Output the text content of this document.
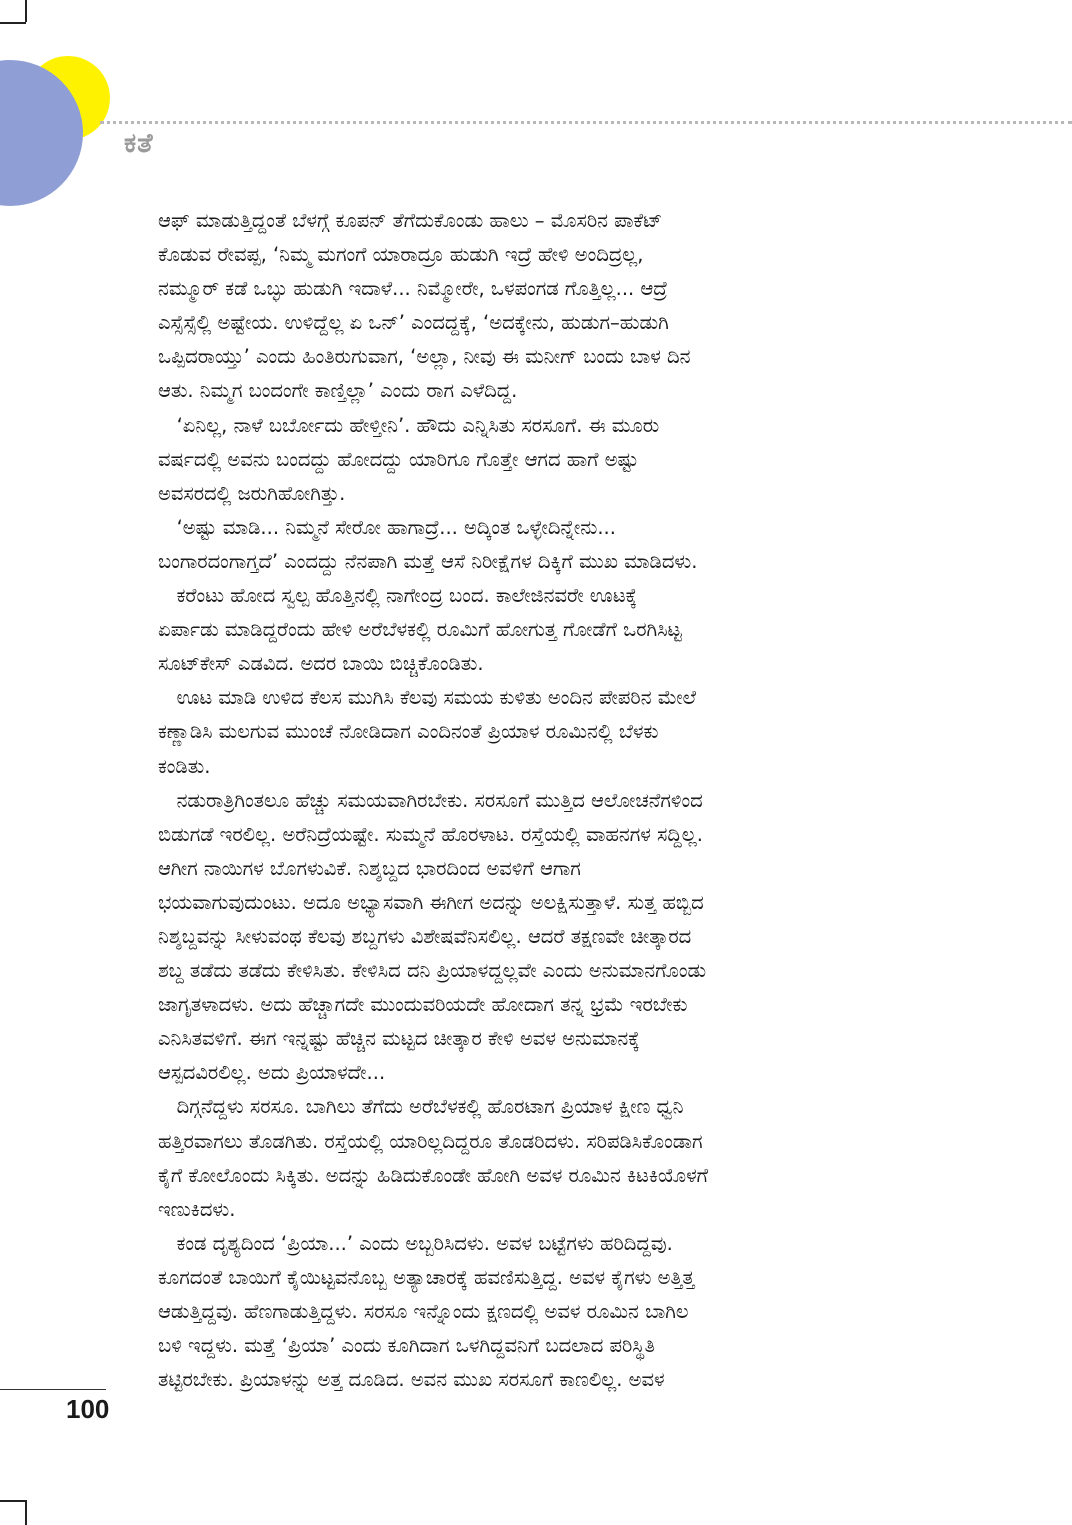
ಕತೆ
ಆಫ್ ಮಾಡುತ್ತಿದ್ದಂತೆ ಬೆಳಗ್ಗೆ ಕೂಪನ್ ತೆಗೆದುಕೊಂಡು ಹಾಲು – ಮೊಸರಿನ ಪಾಕೆಟ್
ಕೊಡುವ ರೇವಪ್ಪ, ‘ನಿಮ್ಮ ಮಗಂಗೆ ಯಾರಾದ್ರೂ ಹುಡುಗಿ ಇದ್ರೆ ಹೇಳಿ ಅಂದಿದ್ರಲ್ಲ,
ನಮ್ಮೂರ್ ಕಡೆ ಒಬ್ಳು ಹುಡುಗಿ ಇದಾಳೆ... ನಿಮ್ಮೋರೇ, ಒಳಪಂಗಡ ಗೊತ್ತಿಲ್ಲ... ಆದ್ರೆ
ಎಸ್ಸೆಸ್ಸೆಲ್ಲಿ ಅಷ್ಟೇಯ. ಉಳಿದ್ದೆಲ್ಲ ಏ ಒನ್’ ಎಂದದ್ದಕ್ಕೆ, ‘ಅದಕ್ಕೇನು, ಹುಡುಗ–ಹುಡುಗಿ
ಒಪ್ಪಿದರಾಯ್ತು’ ಎಂದು ಹಿಂತಿರುಗುವಾಗ, ‘ಅಲ್ಲಾ, ನೀವು ಈ ಮನೀಗ್ ಬಂದು ಬಾಳ ದಿನ
ಆತು. ನಿಮ್ಮಗ ಬಂದಂಗೇ ಕಾಣ್ತಿಲ್ಲಾ’ ಎಂದು ರಾಗ ಎಳೆದಿದ್ದ.
‘ಏನಿಲ್ಲ, ನಾಳೆ ಬರ್ಬೋದು ಹೇಳ್ತೀನಿ’. ಹೌದು ಎನ್ನಿಸಿತು ಸರಸೂಗೆ. ಈ ಮೂರು
ವರ್ಷದಲ್ಲಿ ಅವನು ಬಂದದ್ದು ಹೋದದ್ದು ಯಾರಿಗೂ ಗೊತ್ತೇ ಆಗದ ಹಾಗೆ ಅಷ್ಟು
ಅವಸರದಲ್ಲಿ ಜರುಗಿಹೋಗಿತ್ತು.
‘ಅಷ್ಟು ಮಾಡಿ... ನಿಮ್ಮನೆ ಸೇರೋ ಹಾಗಾದ್ರೆ... ಅದ್ಕಿಂತ ಒಳ್ಳೇದಿನ್ನೇನು...
ಬಂಗಾರದಂಗಾಗ್ತದೆ’ ಎಂದದ್ದು ನೆನಪಾಗಿ ಮತ್ತೆ ಆಸೆ ನಿರೀಕ್ಷೆಗಳ ದಿಕ್ಕಿಗೆ ಮುಖ ಮಾಡಿದಳು.
ಕರೆಂಟು ಹೋದ ಸ್ವಲ್ಪ ಹೊತ್ತಿನಲ್ಲಿ ನಾಗೇಂದ್ರ ಬಂದ. ಕಾಲೇಜಿನವರೇ ಊಟಕ್ಕೆ
ಏರ್ಪಾಡು ಮಾಡಿದ್ದರೆಂದು ಹೇಳಿ ಅರೆಬೆಳಕಲ್ಲಿ ರೂಮಿಗೆ ಹೋಗುತ್ತ ಗೋಡೆಗೆ ಒರಗಿಸಿಟ್ಟ
ಸೂಟ್‌ಕೇಸ್ ಎಡವಿದ. ಅದರ ಬಾಯಿ ಬಿಚ್ಚಿಕೊಂಡಿತು.
ಊಟ ಮಾಡಿ ಉಳಿದ ಕೆಲಸ ಮುಗಿಸಿ ಕೆಲವು ಸಮಯ ಕುಳಿತು ಅಂದಿನ ಪೇಪರಿನ ಮೇಲೆ
ಕಣ್ಣಾಡಿಸಿ ಮಲಗುವ ಮುಂಚೆ ನೋಡಿದಾಗ ಎಂದಿನಂತೆ ಪ್ರಿಯಾಳ ರೂಮಿನಲ್ಲಿ ಬೆಳಕು
ಕಂಡಿತು.
ನಡುರಾತ್ರಿಗಿಂತಲೂ ಹೆಚ್ಚು ಸಮಯವಾಗಿರಬೇಕು. ಸರಸೂಗೆ ಮುತ್ತಿದ ಆಲೋಚನೆಗಳಿಂದ
ಬಿಡುಗಡೆ ಇರಲಿಲ್ಲ. ಅರೆನಿದ್ರೆಯಷ್ಟೇ. ಸುಮ್ಮನೆ ಹೊರಳಾಟ. ರಸ್ತೆಯಲ್ಲಿ ವಾಹನಗಳ ಸದ್ದಿಲ್ಲ.
ಆಗೀಗ ನಾಯಿಗಳ ಬೊಗಳುವಿಕೆ. ನಿಶ್ಶಬ್ದದ ಭಾರದಿಂದ ಅವಳಿಗೆ ಆಗಾಗ
ಭಯವಾಗುವುದುಂಟು. ಅದೂ ಅಭ್ಯಾಸವಾಗಿ ಈಗೀಗ ಅದನ್ನು ಅಲಕ್ಷಿಸುತ್ತಾಳೆ. ಸುತ್ತ ಹಬ್ಬಿದ
ನಿಶ್ಶಬ್ದವನ್ನು ಸೀಳುವಂಥ ಕೆಲವು ಶಬ್ದಗಳು ವಿಶೇಷವೆನಿಸಲಿಲ್ಲ. ಆದರೆ ತಕ್ಷಣವೇ ಚೀತ್ಕಾರದ
ಶಬ್ದ ತಡೆದು ತಡೆದು ಕೇಳಿಸಿತು. ಕೇಳಿಸಿದ ದನಿ ಪ್ರಿಯಾಳದ್ದಲ್ಲವೇ ಎಂದು ಅನುಮಾನಗೊಂಡು
ಜಾಗೃತಳಾದಳು. ಅದು ಹೆಚ್ಚಾಗದೇ ಮುಂದುವರಿಯದೇ ಹೋದಾಗ ತನ್ನ ಭ್ರಮೆ ಇರಬೇಕು
ಎನಿಸಿತವಳಿಗೆ. ಈಗ ಇನ್ನಷ್ಟು ಹೆಚ್ಚಿನ ಮಟ್ಟದ ಚೀತ್ಕಾರ ಕೇಳಿ ಅವಳ ಅನುಮಾನಕ್ಕೆ
ಆಸ್ಪದವಿರಲಿಲ್ಲ. ಅದು ಪ್ರಿಯಾಳದೇ...
ದಿಗ್ಗನೆದ್ದಳು ಸರಸೂ. ಬಾಗಿಲು ತೆಗೆದು ಅರೆಬೆಳಕಲ್ಲಿ ಹೊರಟಾಗ ಪ್ರಿಯಾಳ ಕ್ಷೀಣ ಧ್ವನಿ
ಹತ್ತಿರವಾಗಲು ತೊಡಗಿತು. ರಸ್ತೆಯಲ್ಲಿ ಯಾರಿಲ್ಲದಿದ್ದರೂ ತೊಡರಿದಳು. ಸರಿಪಡಿಸಿಕೊಂಡಾಗ
ಕೈಗೆ ಕೋಲೊಂದು ಸಿಕ್ಕಿತು. ಅದನ್ನು ಹಿಡಿದುಕೊಂಡೇ ಹೋಗಿ ಅವಳ ರೂಮಿನ ಕಿಟಕಿಯೊಳಗೆ
ಇಣುಕಿದಳು.
ಕಂಡ ದೃಶ್ಯದಿಂದ ‘ಪ್ರಿಯಾ...’ ಎಂದು ಅಬ್ಬರಿಸಿದಳು. ಅವಳ ಬಟ್ಟೆಗಳು ಹರಿದಿದ್ದವು.
ಕೂಗದಂತೆ ಬಾಯಿಗೆ ಕೈಯಿಟ್ಟವನೊಬ್ಬ ಅತ್ಯಾಚಾರಕ್ಕೆ ಹವಣಿಸುತ್ತಿದ್ದ. ಅವಳ ಕೈಗಳು ಅತ್ತಿತ್ತ
ಆಡುತ್ತಿದ್ದವು. ಹೆಣಗಾಡುತ್ತಿದ್ದಳು. ಸರಸೂ ಇನ್ನೊಂದು ಕ್ಷಣದಲ್ಲಿ ಅವಳ ರೂಮಿನ ಬಾಗಿಲ
ಬಳಿ ಇದ್ದಳು. ಮತ್ತೆ ‘ಪ್ರಿಯಾ’ ಎಂದು ಕೂಗಿದಾಗ ಒಳಗಿದ್ದವನಿಗೆ ಬದಲಾದ ಪರಿಸ್ಥಿತಿ
ತಟ್ಟಿರಬೇಕು. ಪ್ರಿಯಾಳನ್ನು ಅತ್ತ ದೂಡಿದ. ಅವನ ಮುಖ ಸರಸೂಗೆ ಕಾಣಲಿಲ್ಲ. ಅವಳ
100
